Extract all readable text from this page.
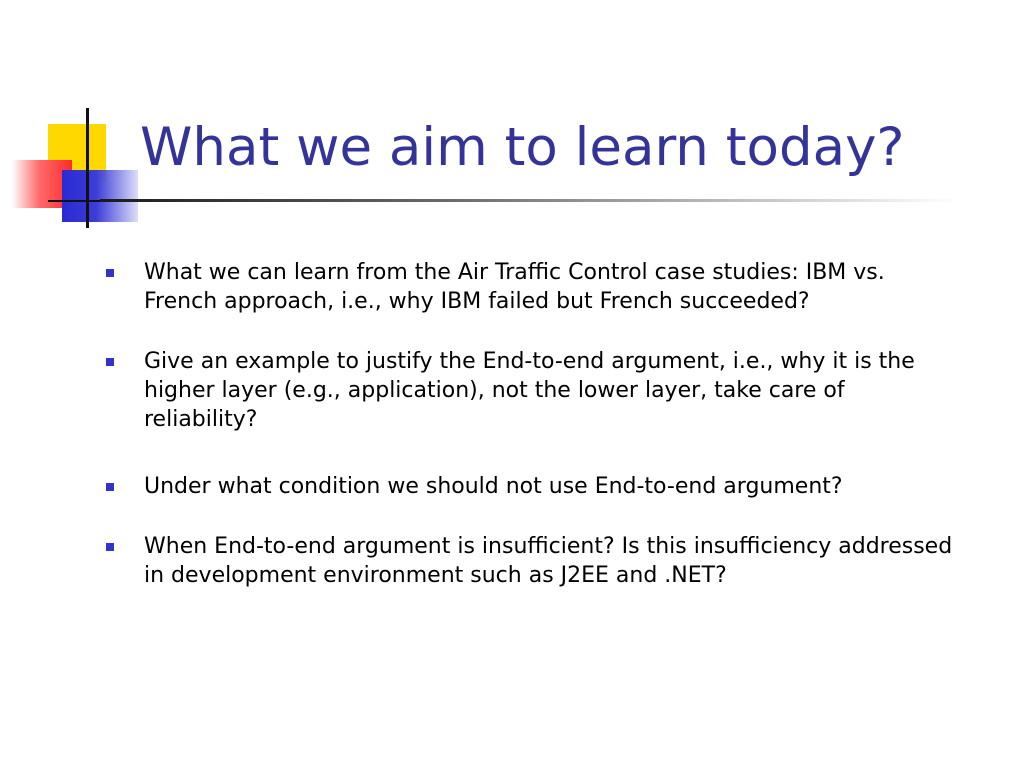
What we aim to learn today?
What we can learn from the Air Traffic Control case studies: IBM vs. French approach, i.e., why IBM failed but French succeeded?
Give an example to justify the End-to-end argument, i.e., why it is the higher layer (e.g., application), not the lower layer, take care of reliability?
Under what condition we should not use End-to-end argument?
When End-to-end argument is insufficient? Is this insufficiency addressed in development environment such as J2EE and .NET?
